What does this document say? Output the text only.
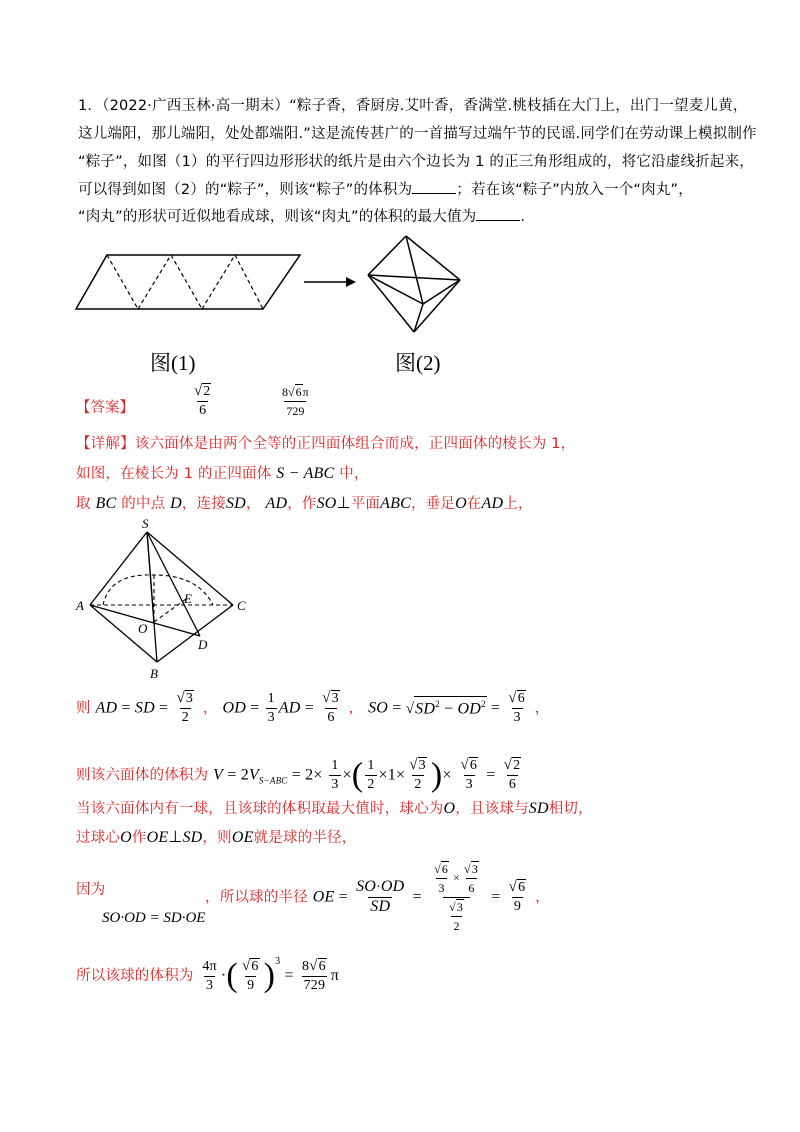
1．（2022·广西玉林·高一期末）“粽子香，香厨房.艾叶香，香满堂.桃枝插在大门上，出门一望麦儿黄，
这儿端阳，那儿端阳，处处都端阳.”这是流传甚广的一首描写过端午节的民谣.同学们在劳动课上模拟制作
“粽子”，如图（1）的平行四边形形状的纸片是由六个边长为 1 的正三角形组成的，将它沿虚线折起来，
可以得到如图（2）的“粽子”，则该“粽子”的体积为	；若在该“粽子”内放入一个“肉丸”，
“肉丸”的形状可近似地看成球，则该“肉丸”的体积的最大值为	.
图(1)	图(2)
【答案】	$\frac{√ 2}{6}$	$\frac{8 √ 6 \pi}{729}$
【详解】该六面体是由两个全等的正四面体组合而成，正四面体的棱长为 1，
如图，在棱长为 1 的正四面体 S − ABC 中，
取 BC 的中点 D，连接SD， AD，作SO⊥平面ABC，垂足O在AD上，
S
A	C
B
D
E
O
则 AD = SD = $\frac{√ 3}{2}$ ， OD = $\frac{1}{3}$ AD = $\frac{√ 3}{6}$ ， SO = √ $SD^2 - OD^2 = \frac{√ 6}{3}$ ，
则该六面体的体积为 $V = 2V_{S-ABC} = 2\times \frac{1}{3}$ ×( $\frac{1}{2} \times 1\times \frac{√ 3}{2}$ )× $\frac{√ 6}{3} = \frac{√ 2}{6}$
当该六面体内有一球，且该球的体积取最大值时，球心为O，且该球与SD相切，
过球心O作OE⊥SD，则OE就是球的半径，
因为	，所以球的半径 OE = $\frac{SO\cdot OD}{SD} = \frac{\frac{√ 6}{3} \times \frac{√ 3}{6}}{\frac{√ 3}{2}} = \frac{√ 6}{9}$ ，
SO·OD = SD·OE
所以该球的体积为 $\frac{4\pi}{3}$ ·( $\frac{√ 6}{9} )^3 = \frac{8 √ 6}{729}$ π
